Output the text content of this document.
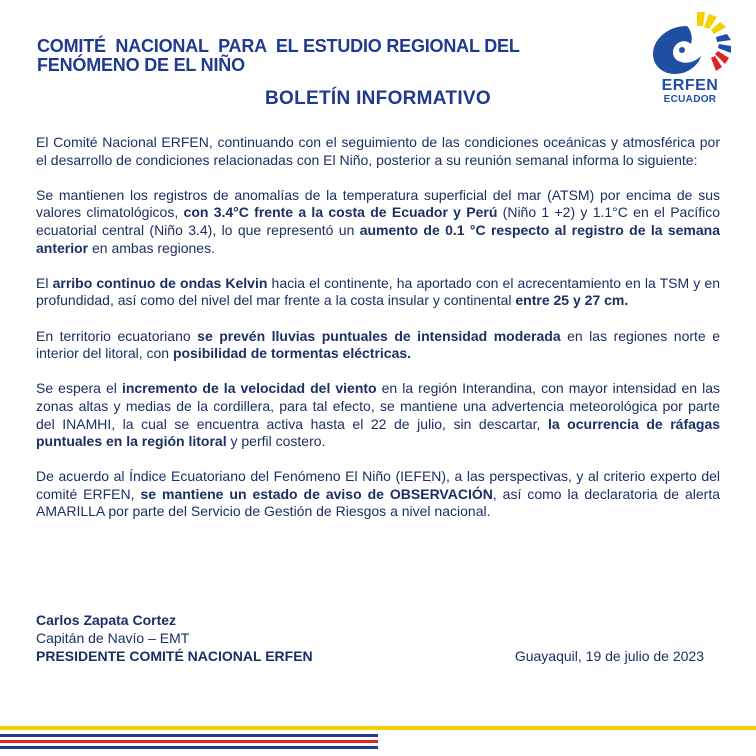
COMITÉ  NACIONAL  PARA  EL ESTUDIO REGIONAL DEL
FENÓMENO DE EL NIÑO
ERFEN
ECUADOR
BOLETÍN INFORMATIVO

El Comité Nacional ERFEN, continuando con el seguimiento de las condiciones oceánicas y atmosférica por el desarrollo de condiciones relacionadas con El Niño, posterior a su reunión semanal informa lo siguiente:

Se mantienen los registros de anomalías de la temperatura superficial del mar (ATSM) por encima de sus valores climatológicos, con 3.4°C frente a la costa de Ecuador y Perú (Niño 1 +2) y 1.1°C en el Pacífico ecuatorial central (Niño 3.4), lo que representó un aumento de 0.1 °C respecto al registro de la semana anterior en ambas regiones.

El arribo continuo de ondas Kelvin hacia el continente, ha aportado con el acrecentamiento en la TSM y en profundidad, así como del nivel del mar frente a la costa insular y continental entre 25 y 27 cm.

En territorio ecuatoriano se prevén lluvias puntuales de intensidad moderada en las regiones norte e interior del litoral, con posibilidad de tormentas eléctricas.

Se espera el incremento de la velocidad del viento en la región Interandina, con mayor intensidad en las zonas altas y medias de la cordillera, para tal efecto, se mantiene una advertencia meteorológica por parte del INAMHI, la cual se encuentra activa hasta el 22 de julio, sin descartar, la ocurrencia de ráfagas puntuales en la región litoral y perfil costero.

De acuerdo al Índice Ecuatoriano del Fenómeno El Niño (IEFEN), a las perspectivas, y al criterio experto del comité ERFEN, se mantiene un estado de aviso de OBSERVACIÓN, así como la declaratoria de alerta AMARILLA por parte del Servicio de Gestión de Riesgos a nivel nacional.

Carlos Zapata Cortez
Capitán de Navío – EMT
PRESIDENTE COMITÉ NACIONAL ERFEN	Guayaquil, 19 de julio de 2023
